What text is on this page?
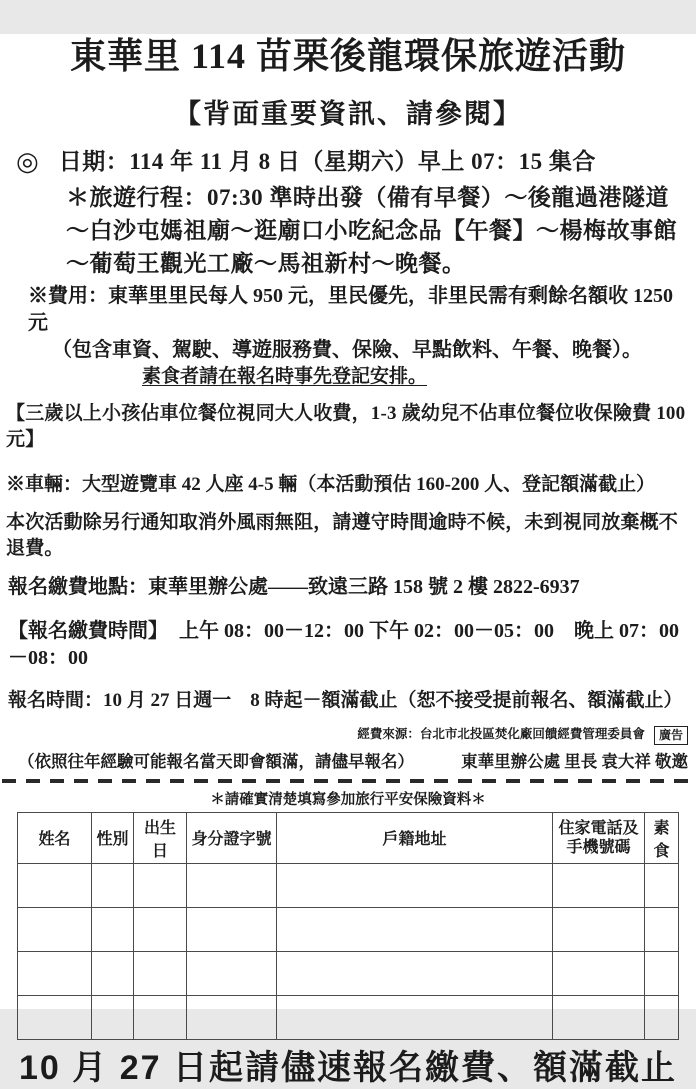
東華里 114 苗栗後龍環保旅遊活動
【背面重要資訊、請參閱】
◎ 日期：114 年 11 月 8 日（星期六）早上 07：15 集合
＊旅遊行程：07:30 準時出發（備有早餐）～後龍過港隧道
～白沙屯媽祖廟～逛廟口小吃紀念品【午餐】～楊梅故事館
～葡萄王觀光工廠～馬祖新村～晚餐。
※費用：東華里里民每人 950 元，里民優先，非里民需有剩餘名額收 1250 元
（包含車資、駕駛、導遊服務費、保險、早點飲料、午餐、晚餐）。
素食者請在報名時事先登記安排。
【三歲以上小孩佔車位餐位視同大人收費，1-3 歲幼兒不佔車位餐位收保險費 100 元】
※車輛：大型遊覽車 42 人座 4-5 輛（本活動預估 160-200 人、登記額滿截止）
本次活動除另行通知取消外風雨無阻，請遵守時間逾時不候，未到視同放棄概不退費。
報名繳費地點：東華里辦公處——致遠三路 158 號 2 樓 2822-6937
【報名繳費時間】 上午 08：00－12：00 下午 02：00－05：00　晚上 07：00－08：00
報名時間：10 月 27 日週一　8 時起－額滿截止（恕不接受提前報名、額滿截止）
經費來源：台北市北投區焚化廠回饋經費管理委員會 廣告
（依照往年經驗可能報名當天即會額滿，請儘早報名）	東華里辦公處 里長 袁大祥 敬邀
＊請確實清楚填寫參加旅行平安保險資料＊
姓名	性別	出生日	身分證字號	戶籍地址	住家電話及手機號碼	素食

10 月 27 日起請儘速報名繳費、額滿截止
